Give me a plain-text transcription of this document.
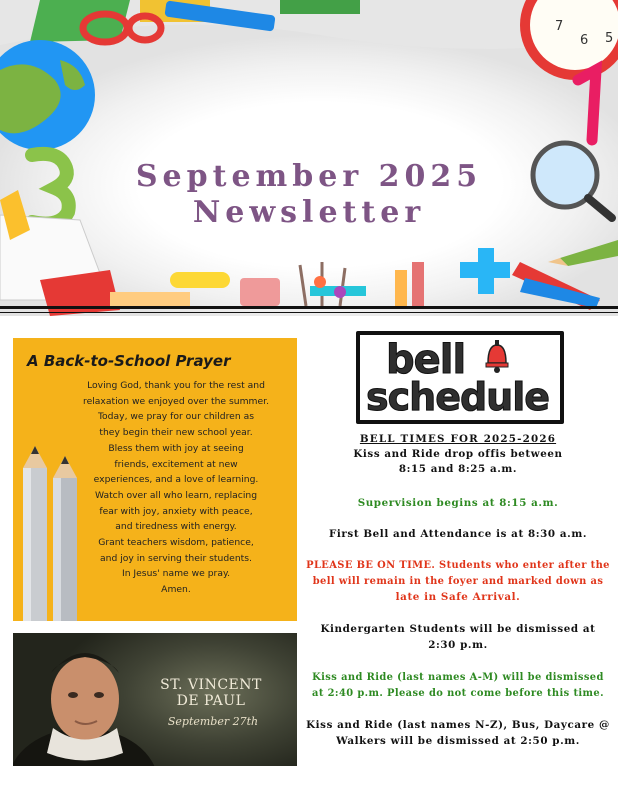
7
6 5
September 2025
Newsletter
A Back-to-School Prayer
Loving God, thank you for the rest and
relaxation we enjoyed over the summer.
Today, we pray for our children as
they begin their new school year.
Bless them with joy at seeing
friends, excitement at new
experiences, and a love of learning.
Watch over all who learn, replacing
fear with joy, anxiety with peace,
and tiredness with energy.
Grant teachers wisdom, patience,
and joy in serving their students.
In Jesus' name we pray.
Amen.
ST. VINCENT
DE PAUL
September 27th
bell
schedule
BELL TIMES FOR 2025-2026
Kiss and Ride drop offis between
8:15 and 8:25 a.m.
Supervision begins at 8:15 a.m.
First Bell and Attendance is at 8:30 a.m.
PLEASE BE ON TIME. Students who enter after the
bell will remain in the foyer and marked down as
late in Safe Arrival.
Kindergarten Students will be dismissed at
2:30 p.m.
Kiss and Ride (last names A-M) will be dismissed
at 2:40 p.m. Please do not come before this time.
Kiss and Ride (last names N-Z), Bus, Daycare @
Walkers will be dismissed at 2:50 p.m.
